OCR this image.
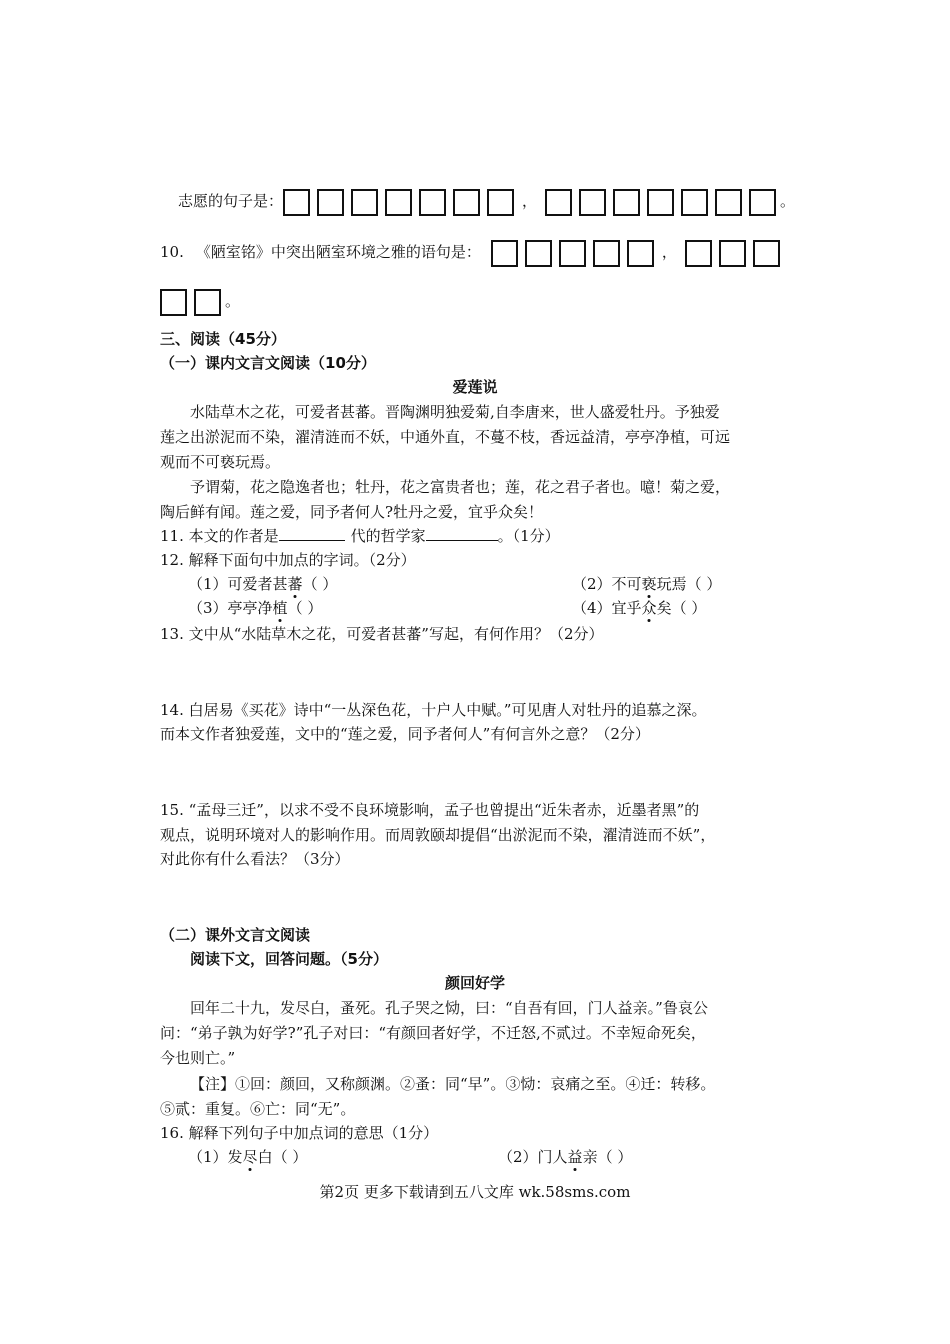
志愿的句子是：	，	。
10. 《陋室铭》中突出陋室环境之雅的语句是：	，
。
三、阅读（45分）
（一）课内文言文阅读（10分）
爱莲说
水陆草木之花，可爱者甚蕃。晋陶渊明独爱菊,自李唐来，世人盛爱牡丹。予独爱
莲之出淤泥而不染，濯清涟而不妖，中通外直，不蔓不枝，香远益清，亭亭净植，可远
观而不可亵玩焉。
予谓菊，花之隐逸者也；牡丹，花之富贵者也；莲，花之君子者也。噫！菊之爱，
陶后鲜有闻。莲之爱，同予者何人?牡丹之爱，宜乎众矣！
11. 本文的作者是	代的哲学家	。（1分）
12. 解释下面句中加点的字词。（2分）
（1）可爱者甚蕃（ ）	（2）不可亵玩焉（ ）
（3）亭亭净植（ ）	（4）宜乎众矣（ ）
13. 文中从“水陆草木之花，可爱者甚蕃”写起，有何作用？（2分）
14. 白居易《买花》诗中“一丛深色花，十户人中赋。”可见唐人对牡丹的追慕之深。
而本文作者独爱莲，文中的“莲之爱，同予者何人”有何言外之意？（2分）
15. “孟母三迁”，以求不受不良环境影响，孟子也曾提出“近朱者赤，近墨者黑”的
观点，说明环境对人的影响作用。而周敦颐却提倡“出淤泥而不染，濯清涟而不妖”，
对此你有什么看法？（3分）
（二）课外文言文阅读
阅读下文，回答问题。（5分）
颜回好学
回年二十九，发尽白，蚤死。孔子哭之恸，曰：“自吾有回，门人益亲。”鲁哀公
问：“弟子孰为好学?”孔子对曰：“有颜回者好学，不迁怒,不贰过。不幸短命死矣，
今也则亡。”
【注】①回：颜回，又称颜渊。②蚤：同“早”。③恸：哀痛之至。④迁：转移。
⑤贰：重复。⑥亡：同“无”。
16. 解释下列句子中加点词的意思（1分）
（1）发尽白（ ）	（2）门人益亲（ ）
第2页 更多下载请到五八文库 wk.58sms.com
